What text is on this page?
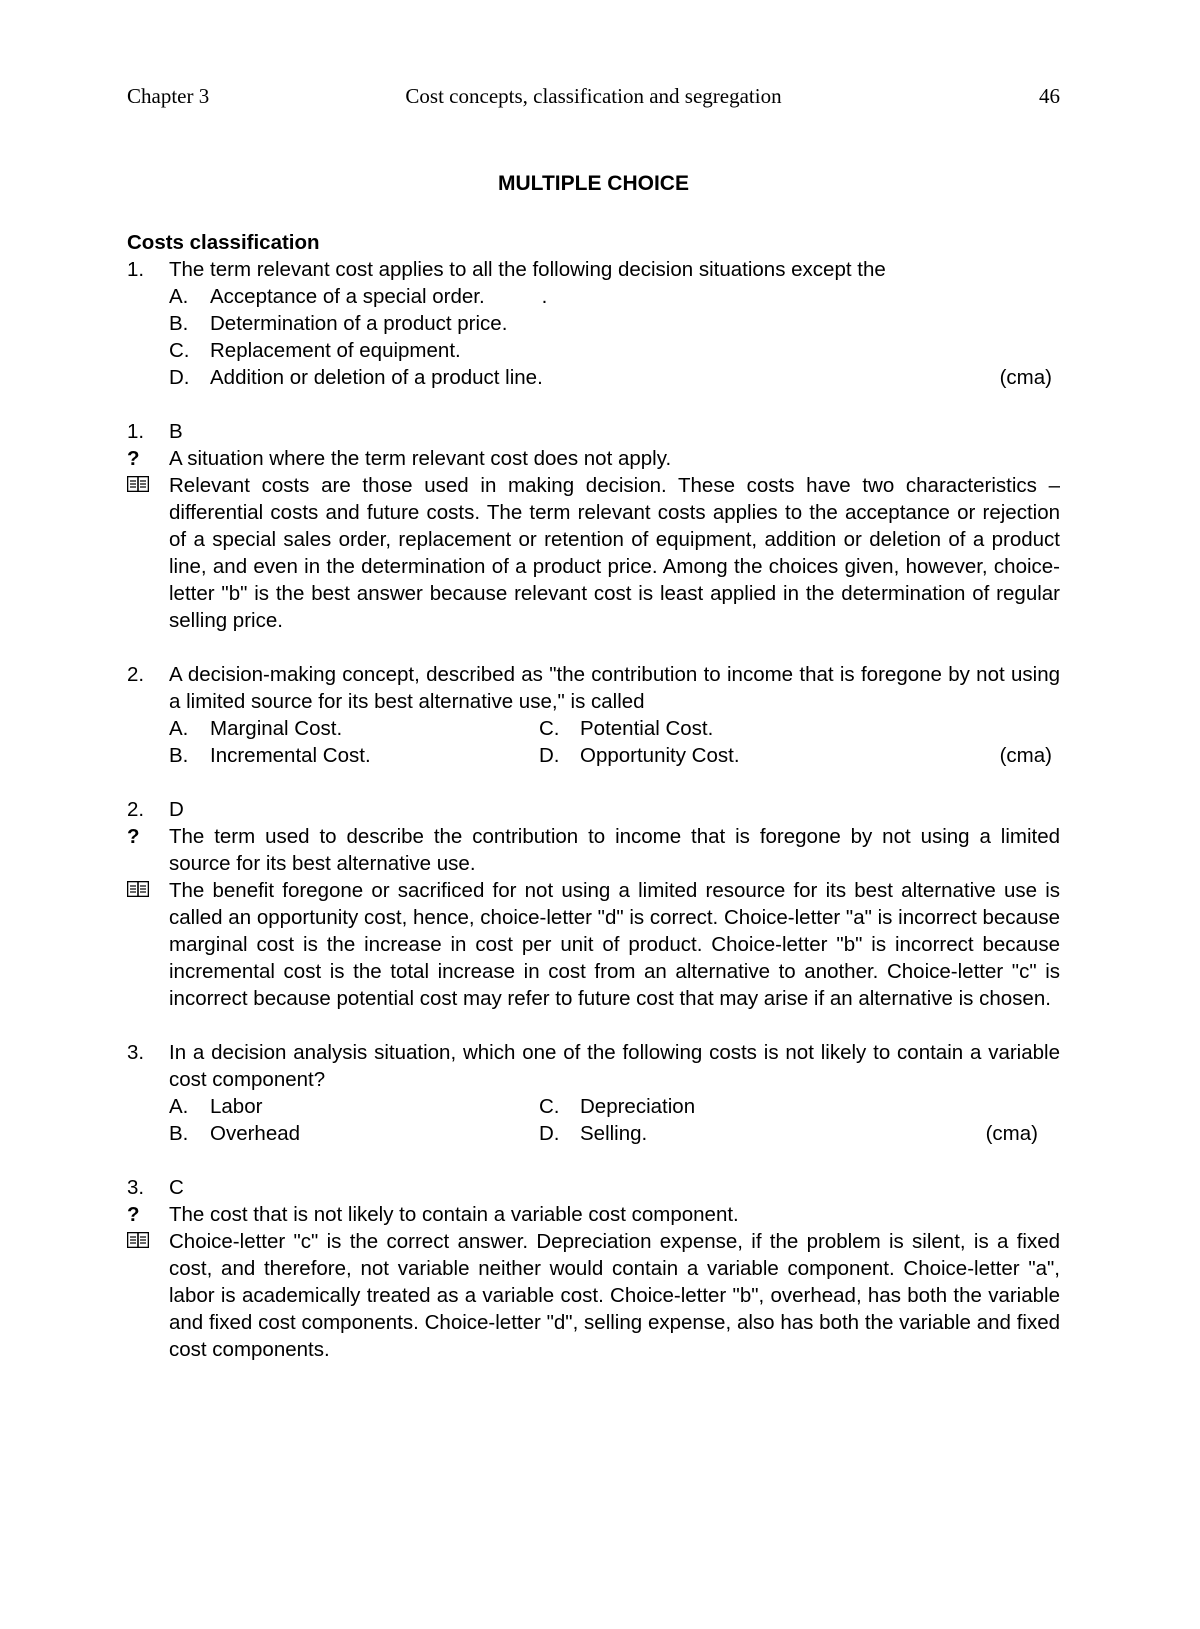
Chapter 3	Cost concepts, classification and segregation	46
MULTIPLE CHOICE
Costs classification
1. The term relevant cost applies to all the following decision situations except the
A. Acceptance of a special order.          .
B. Determination of a product price.
C. Replacement of equipment.
D. Addition or deletion of a product line.	(cma)
1. B
? A situation where the term relevant cost does not apply.
Relevant costs are those used in making decision. These costs have two characteristics – differential costs and future costs. The term relevant costs applies to the acceptance or rejection of a special sales order, replacement or retention of equipment, addition or deletion of a product line, and even in the determination of a product price. Among the choices given, however, choice-letter "b" is the best answer because relevant cost is least applied in the determination of regular selling price.
2. A decision-making concept, described as "the contribution to income that is foregone by not using a limited source for its best alternative use," is called
A. Marginal Cost.	C. Potential Cost.
B. Incremental Cost.	D. Opportunity Cost.	(cma)
2. D
? The term used to describe the contribution to income that is foregone by not using a limited source for its best alternative use.
The benefit foregone or sacrificed for not using a limited resource for its best alternative use is called an opportunity cost, hence, choice-letter "d" is correct. Choice-letter "a" is incorrect because marginal cost is the increase in cost per unit of product. Choice-letter "b" is incorrect because incremental cost is the total increase in cost from an alternative to another. Choice-letter "c" is incorrect because potential cost may refer to future cost that may arise if an alternative is chosen.
3. In a decision analysis situation, which one of the following costs is not likely to contain a variable cost component?
A. Labor	C. Depreciation
B. Overhead	D. Selling.	(cma)
3. C
? The cost that is not likely to contain a variable cost component.
Choice-letter "c" is the correct answer. Depreciation expense, if the problem is silent, is a fixed cost, and therefore, not variable neither would contain a variable component. Choice-letter "a", labor is academically treated as a variable cost. Choice-letter "b", overhead, has both the variable and fixed cost components. Choice-letter "d", selling expense, also has both the variable and fixed cost components.
